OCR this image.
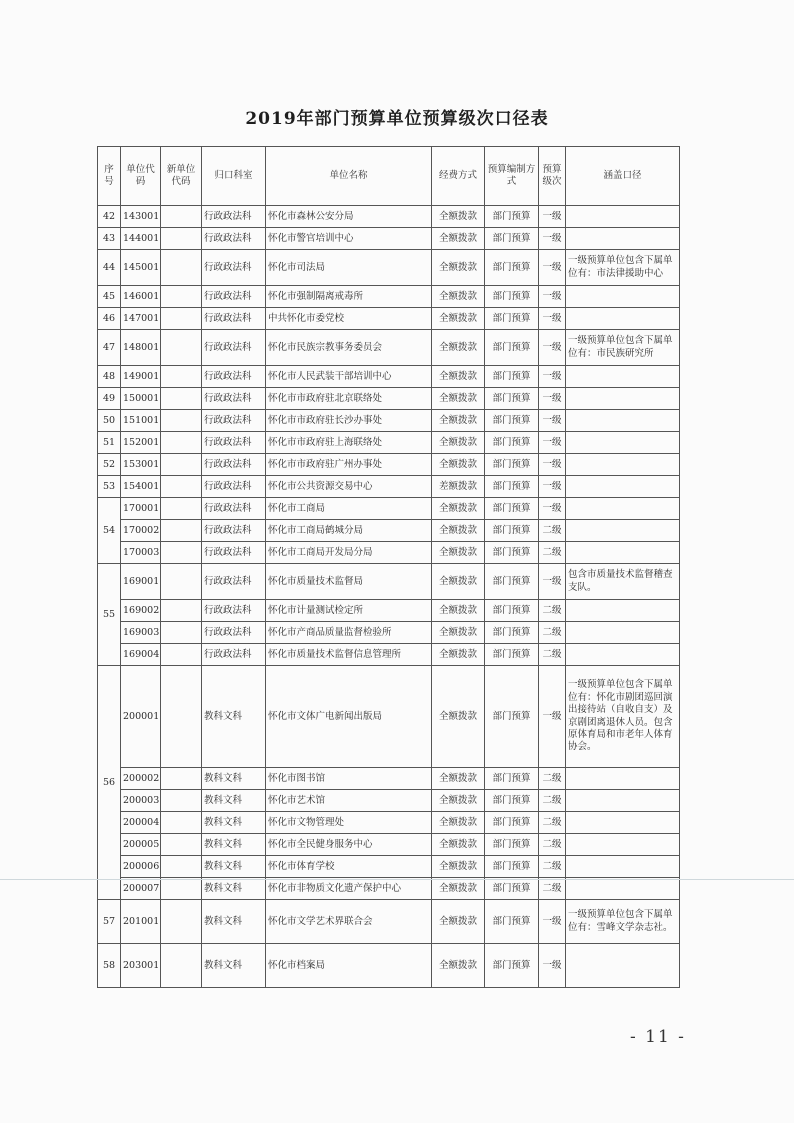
2019年部门预算单位预算级次口径表
序号	单位代码	新单位代码	归口科室	单位名称	经费方式	预算编制方式	预算级次	涵盖口径
42	143001		行政政法科	怀化市森林公安分局	全额拨款	部门预算	一级	
43	144001		行政政法科	怀化市警官培训中心	全额拨款	部门预算	一级	
44	145001		行政政法科	怀化市司法局	全额拨款	部门预算	一级	一级预算单位包含下属单位有：市法律援助中心
45	146001		行政政法科	怀化市强制隔离戒毒所	全额拨款	部门预算	一级	
46	147001		行政政法科	中共怀化市委党校	全额拨款	部门预算	一级	
47	148001		行政政法科	怀化市民族宗教事务委员会	全额拨款	部门预算	一级	一级预算单位包含下属单位有：市民族研究所
48	149001		行政政法科	怀化市人民武装干部培训中心	全额拨款	部门预算	一级	
49	150001		行政政法科	怀化市市政府驻北京联络处	全额拨款	部门预算	一级	
50	151001		行政政法科	怀化市市政府驻长沙办事处	全额拨款	部门预算	一级	
51	152001		行政政法科	怀化市市政府驻上海联络处	全额拨款	部门预算	一级	
52	153001		行政政法科	怀化市市政府驻广州办事处	全额拨款	部门预算	一级	
53	154001		行政政法科	怀化市公共资源交易中心	差额拨款	部门预算	一级	
54	170001		行政政法科	怀化市工商局	全额拨款	部门预算	一级	
	170002		行政政法科	怀化市工商局鹤城分局	全额拨款	部门预算	二级	
	170003		行政政法科	怀化市工商局开发局分局	全额拨款	部门预算	二级	
55	169001		行政政法科	怀化市质量技术监督局	全额拨款	部门预算	一级	包含市质量技术监督稽查支队。
	169002		行政政法科	怀化市计量测试检定所	全额拨款	部门预算	二级	
	169003		行政政法科	怀化市产商品质量监督检验所	全额拨款	部门预算	二级	
	169004		行政政法科	怀化市质量技术监督信息管理所	全额拨款	部门预算	二级	
56	200001		教科文科	怀化市文体广电新闻出版局	全额拨款	部门预算	一级	一级预算单位包含下属单位有：怀化市剧团巡回演出接待站（自收自支）及京剧团离退休人员。包含原体育局和市老年人体育协会。
	200002		教科文科	怀化市图书馆	全额拨款	部门预算	二级	
	200003		教科文科	怀化市艺术馆	全额拨款	部门预算	二级	
	200004		教科文科	怀化市文物管理处	全额拨款	部门预算	二级	
	200005		教科文科	怀化市全民健身服务中心	全额拨款	部门预算	二级	
	200006		教科文科	怀化市体育学校	全额拨款	部门预算	二级	
	200007		教科文科	怀化市非物质文化遗产保护中心	全额拨款	部门预算	二级	
57	201001		教科文科	怀化市文学艺术界联合会	全额拨款	部门预算	一级	一级预算单位包含下属单位有：雪峰文学杂志社。
58	203001		教科文科	怀化市档案局	全额拨款	部门预算	一级	
- 11 -
